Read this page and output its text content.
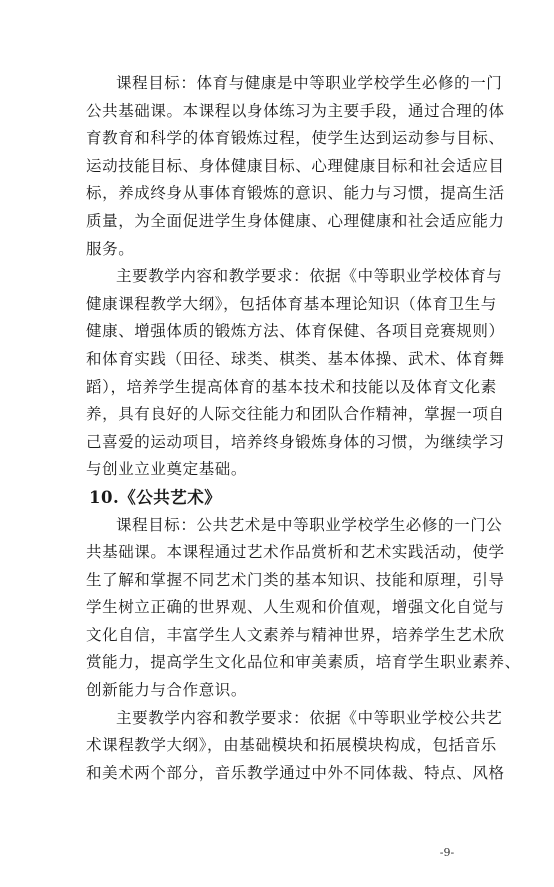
课程目标：体育与健康是中等职业学校学生必修的一门
公共基础课。本课程以身体练习为主要手段，通过合理的体
育教育和科学的体育锻炼过程，使学生达到运动参与目标、
运动技能目标、身体健康目标、心理健康目标和社会适应目
标，养成终身从事体育锻炼的意识、能力与习惯，提高生活
质量，为全面促进学生身体健康、心理健康和社会适应能力
服务。

主要教学内容和教学要求：依据《中等职业学校体育与
健康课程教学大纲》，包括体育基本理论知识（体育卫生与
健康、增强体质的锻炼方法、体育保健、各项目竞赛规则）
和体育实践（田径、球类、棋类、基本体操、武术、体育舞
蹈），培养学生提高体育的基本技术和技能以及体育文化素
养，具有良好的人际交往能力和团队合作精神，掌握一项自
己喜爱的运动项目，培养终身锻炼身体的习惯，为继续学习
与创业立业奠定基础。

10.《公共艺术》

课程目标：公共艺术是中等职业学校学生必修的一门公
共基础课。本课程通过艺术作品赏析和艺术实践活动，使学
生了解和掌握不同艺术门类的基本知识、技能和原理，引导
学生树立正确的世界观、人生观和价值观，增强文化自觉与
文化自信，丰富学生人文素养与精神世界，培养学生艺术欣
赏能力，提高学生文化品位和审美素质，培育学生职业素养、
创新能力与合作意识。

主要教学内容和教学要求：依据《中等职业学校公共艺
术课程教学大纲》，由基础模块和拓展模块构成，包括音乐
和美术两个部分，音乐教学通过中外不同体裁、特点、风格

-9-
